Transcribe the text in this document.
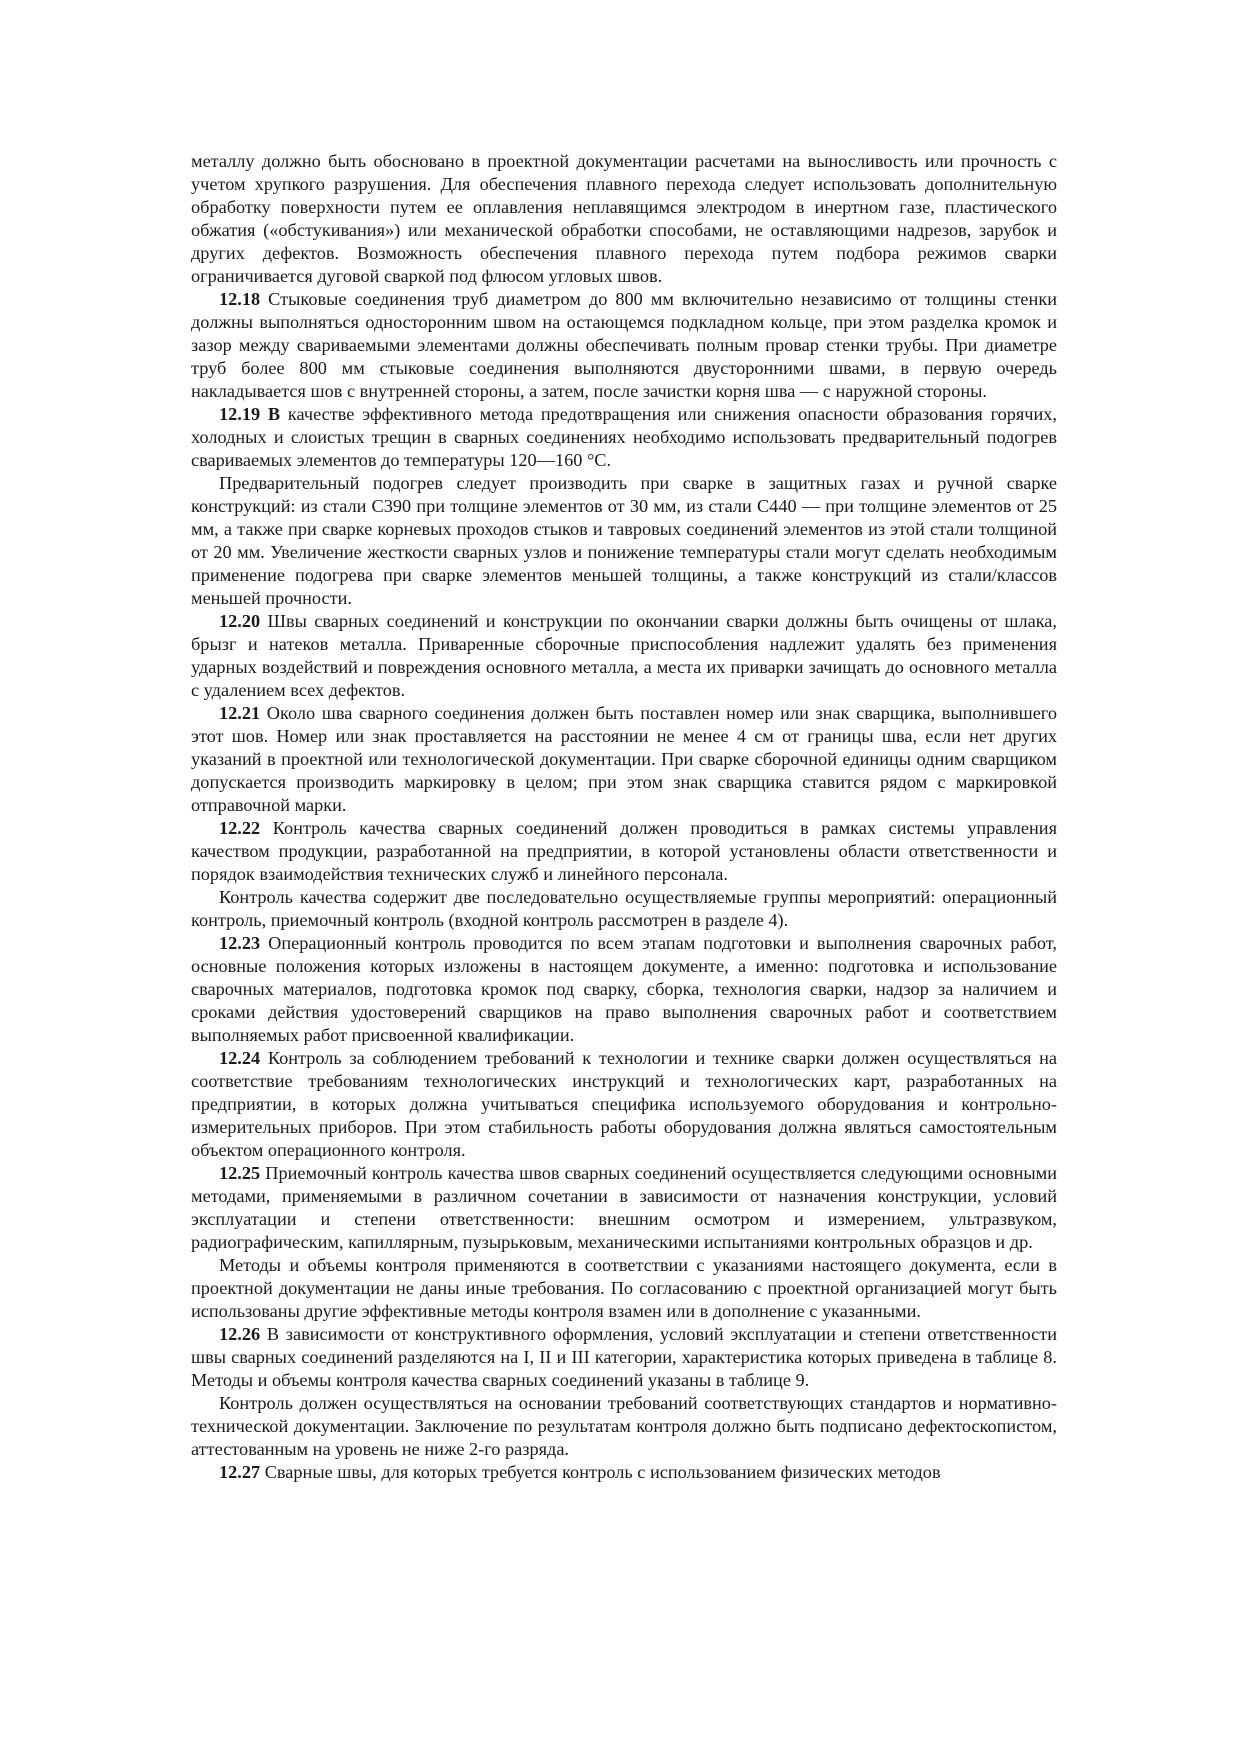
металлу должно быть обосновано в проектной документации расчетами на выносливость или прочность с учетом хрупкого разрушения. Для обеспечения плавного перехода следует использовать дополнительную обработку поверхности путем ее оплавления неплавящимся электродом в инертном газе, пластического обжатия («обстукивания») или механической обработки способами, не оставляющими надрезов, зарубок и других дефектов. Возможность обеспечения плавного перехода путем подбора режимов сварки ограничивается дуговой сваркой под флюсом угловых швов.

12.18 Стыковые соединения труб диаметром до 800 мм включительно независимо от толщины стенки должны выполняться односторонним швом на остающемся подкладном кольце, при этом разделка кромок и зазор между свариваемыми элементами должны обеспечивать полным провар стенки трубы. При диаметре труб более 800 мм стыковые соединения выполняются двусторонними швами, в первую очередь накладывается шов с внутренней стороны, а затем, после зачистки корня шва — с наружной стороны.

12.19 В качестве эффективного метода предотвращения или снижения опасности образования горячих, холодных и слоистых трещин в сварных соединениях необходимо использовать предварительный подогрев свариваемых элементов до температуры 120—160 °С.

Предварительный подогрев следует производить при сварке в защитных газах и ручной сварке конструкций: из стали С390 при толщине элементов от 30 мм, из стали С440 — при толщине элементов от 25 мм, а также при сварке корневых проходов стыков и тавровых соединений элементов из этой стали толщиной от 20 мм. Увеличение жесткости сварных узлов и понижение температуры стали могут сделать необходимым применение подогрева при сварке элементов меньшей толщины, а также конструкций из стали/классов меньшей прочности.

12.20 Швы сварных соединений и конструкции по окончании сварки должны быть очищены от шлака, брызг и натеков металла. Приваренные сборочные приспособления надлежит удалять без применения ударных воздействий и повреждения основного металла, а места их приварки зачищать до основного металла с удалением всех дефектов.

12.21 Около шва сварного соединения должен быть поставлен номер или знак сварщика, выполнившего этот шов. Номер или знак проставляется на расстоянии не менее 4 см от границы шва, если нет других указаний в проектной или технологической документации. При сварке сборочной единицы одним сварщиком допускается производить маркировку в целом; при этом знак сварщика ставится рядом с маркировкой отправочной марки.

12.22 Контроль качества сварных соединений должен проводиться в рамках системы управления качеством продукции, разработанной на предприятии, в которой установлены области ответственности и порядок взаимодействия технических служб и линейного персонала.

Контроль качества содержит две последовательно осуществляемые группы мероприятий: операционный контроль, приемочный контроль (входной контроль рассмотрен в разделе 4).

12.23 Операционный контроль проводится по всем этапам подготовки и выполнения сварочных работ, основные положения которых изложены в настоящем документе, а именно: подготовка и использование сварочных материалов, подготовка кромок под сварку, сборка, технология сварки, надзор за наличием и сроками действия удостоверений сварщиков на право выполнения сварочных работ и соответствием выполняемых работ присвоенной квалификации.

12.24 Контроль за соблюдением требований к технологии и технике сварки должен осуществляться на соответствие требованиям технологических инструкций и технологических карт, разработанных на предприятии, в которых должна учитываться специфика используемого оборудования и контрольно-измерительных приборов. При этом стабильность работы оборудования должна являться самостоятельным объектом операционного контроля.

12.25 Приемочный контроль качества швов сварных соединений осуществляется следующими основными методами, применяемыми в различном сочетании в зависимости от назначения конструкции, условий эксплуатации и степени ответственности: внешним осмотром и измерением, ультразвуком, радиографическим, капиллярным, пузырьковым, механическими испытаниями контрольных образцов и др.

Методы и объемы контроля применяются в соответствии с указаниями настоящего документа, если в проектной документации не даны иные требования. По согласованию с проектной организацией могут быть использованы другие эффективные методы контроля взамен или в дополнение с указанными.

12.26 В зависимости от конструктивного оформления, условий эксплуатации и степени ответственности швы сварных соединений разделяются на I, II и III категории, характеристика которых приведена в таблице 8. Методы и объемы контроля качества сварных соединений указаны в таблице 9.

Контроль должен осуществляться на основании требований соответствующих стандартов и нормативно-технической документации. Заключение по результатам контроля должно быть подписано дефектоскопистом, аттестованным на уровень не ниже 2-го разряда.

12.27 Сварные швы, для которых требуется контроль с использованием физических методов
